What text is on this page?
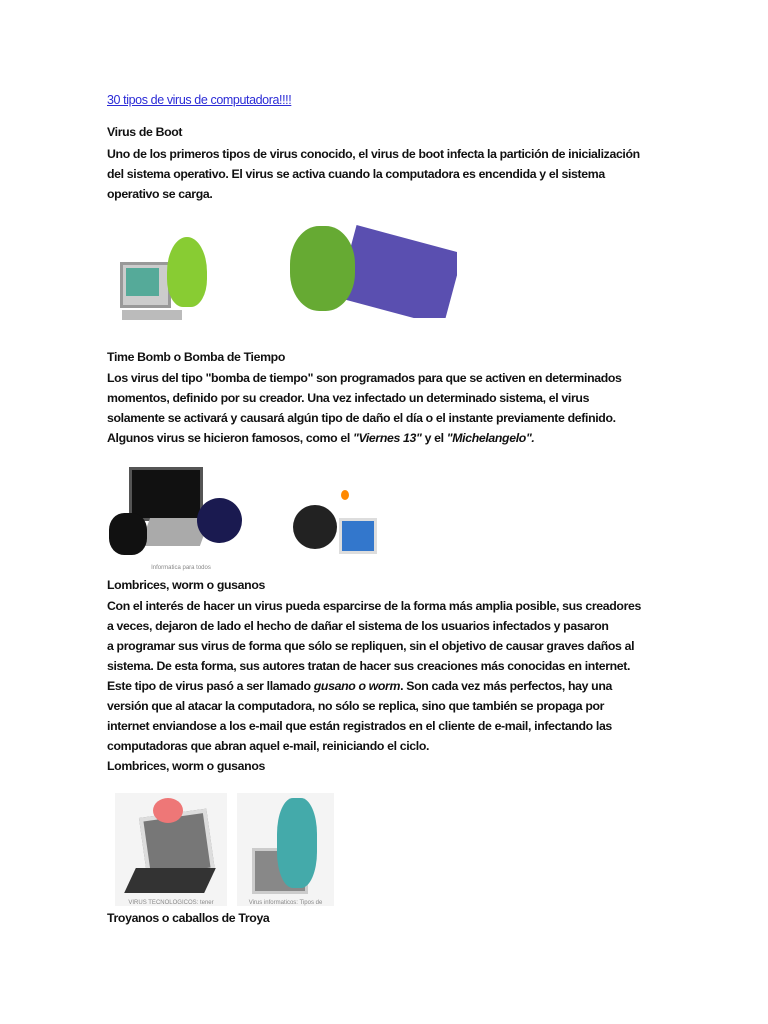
30 tipos de virus de computadora!!!!
Virus de Boot
Uno de los primeros tipos de virus conocido, el virus de boot infecta la partición de inicialización
del sistema operativo. El virus se activa cuando la computadora es encendida y el sistema
operativo se carga.
Time Bomb o Bomba de Tiempo
Los virus del tipo "bomba de tiempo" son programados para que se activen en determinados
momentos, definido por su creador. Una vez infectado un determinado sistema, el virus
solamente se activará y causará algún tipo de daño el día o el instante previamente definido.
Algunos virus se hicieron famosos, como el "Viernes 13" y el "Michelangelo".
Informatica para todos
Lombrices, worm o gusanos
Con el interés de hacer un virus pueda esparcirse de la forma más amplia posible, sus creadores
a veces, dejaron de lado el hecho de dañar el sistema de los usuarios infectados y pasaron
a programar sus virus de forma que sólo se repliquen, sin el objetivo de causar graves daños al
sistema. De esta forma, sus autores tratan de hacer sus creaciones más conocidas en internet.
Este tipo de virus pasó a ser llamado gusano o worm. Son cada vez más perfectos, hay una
versión que al atacar la computadora, no sólo se replica, sino que también se propaga por
internet enviandose a los e-mail que están registrados en el cliente de e-mail, infectando las
computadoras que abran aquel e-mail, reiniciando el ciclo.
Lombrices, worm o gusanos
VIRUS TECNOLOGICOS: tener	Virus informaticos: Tipos de
Troyanos o caballos de Troya
